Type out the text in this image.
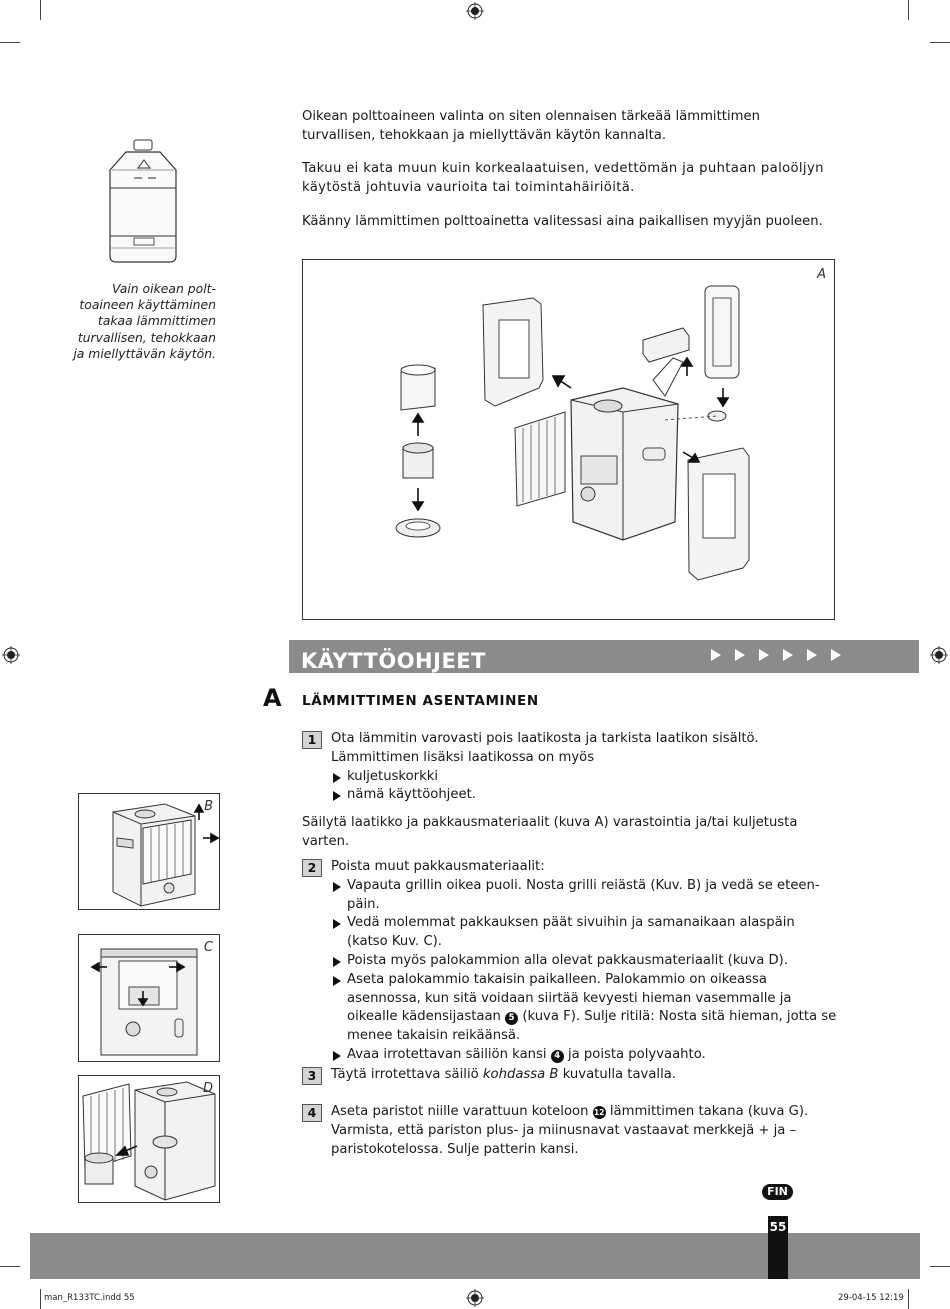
Oikean polttoaineen valinta on siten olennaisen tärkeää lämmittimen turvallisen, tehokkaan ja miellyttävän käytön kannalta.

Takuu ei kata muun kuin korkealaatuisen, vedettömän ja puhtaan paloöljyn käytöstä johtuvia vaurioita tai toimintahäiriöitä.

Käänny lämmittimen polttoainetta valitessasi aina paikallisen myyjän puoleen.

Vain oikean polttoaineen käyttäminen takaa lämmittimen turvallisen, tehokkaan ja miellyttävän käytön.
A
B
C
D
KÄYTTÖOHJEET
A LÄMMITTIMEN ASENTAMINEN
1	Ota lämmitin varovasti pois laatikosta ja tarkista laatikon sisältö.

Lämmittimen lisäksi laatikossa on myös

kuljetuskorkki

nämä käyttöohjeet.

Säilytä laatikko ja pakkausmateriaalit (kuva A) varastointia ja/tai kuljetusta varten.
2	Poista muut pakkausmateriaalit:

Vapauta grillin oikea puoli. Nosta grilli reiästä (Kuv. B) ja vedä se eteenpäin.

Vedä molemmat pakkauksen päät sivuihin ja samanaikaan alaspäin (katso Kuv. C).

Poista myös palokammion alla olevat pakkausmateriaalit (kuva D).

Aseta palokammio takaisin paikalleen. Palokammio on oikeassa asennossa, kun sitä voidaan siirtää kevyesti hieman vasemmalle ja oikealle kädensijastaan 5 (kuva F). Sulje ritilä: Nosta sitä hieman, jotta se menee takaisin reikäänsä.

Avaa irrotettavan säiliön kansi 4 ja poista polyvaahto.

3	Täytä irrotettava säiliö kohdassa B kuvatulla tavalla.

4	Aseta paristot niille varattuun koteloon 12 lämmittimen takana (kuva G). Varmista, että pariston plus- ja miinusnavat vastaavat merkkejä + ja – paristokotelossa. Sulje patterin kansi.

FIN
55
man_R133TC.indd 55	29-04-15 12:19
